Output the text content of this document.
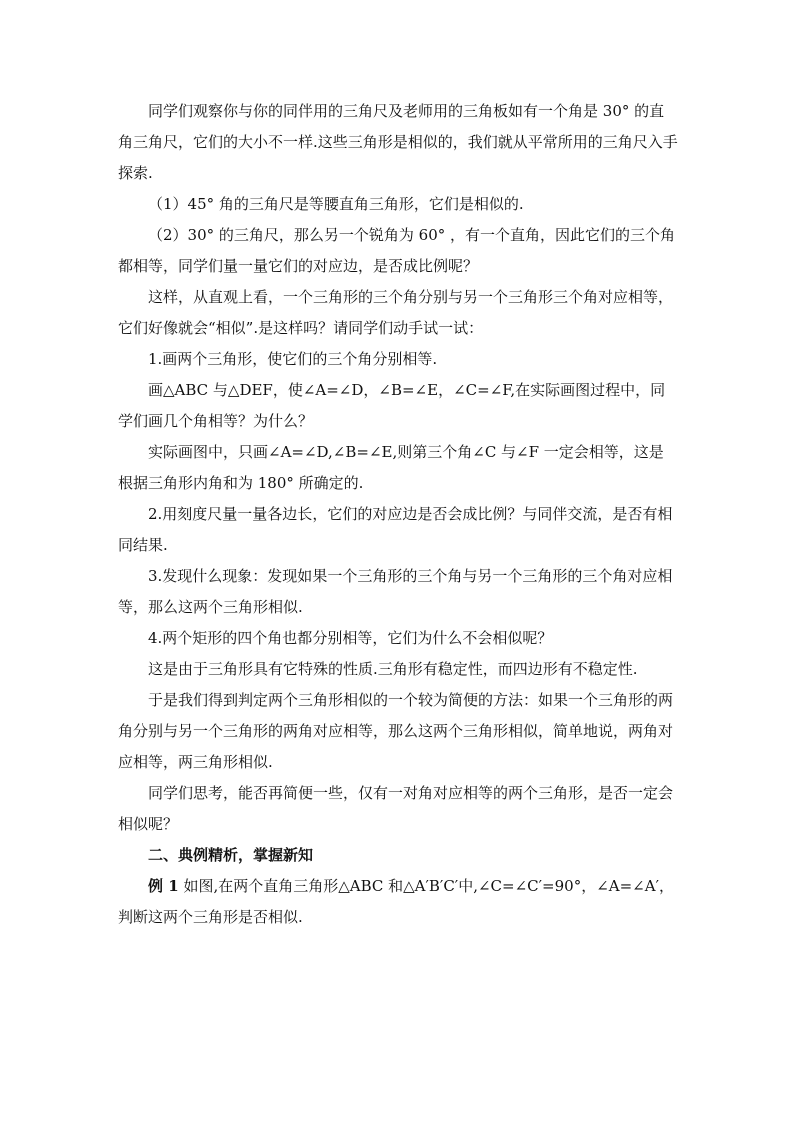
同学们观察你与你的同伴用的三角尺及老师用的三角板如有一个角是 30° 的直角三角尺，它们的大小不一样.这些三角形是相似的，我们就从平常所用的三角尺入手探索.

（1）45° 角的三角尺是等腰直角三角形，它们是相似的.

（2）30° 的三角尺，那么另一个锐角为 60° ，有一个直角，因此它们的三个角都相等，同学们量一量它们的对应边，是否成比例呢？

这样，从直观上看，一个三角形的三个角分别与另一个三角形三个角对应相等，它们好像就会“相似”.是这样吗？请同学们动手试一试：

1.画两个三角形，使它们的三个角分别相等.

画△ABC 与△DEF，使∠A=∠D，∠B=∠E，∠C=∠F,在实际画图过程中，同学们画几个角相等？为什么？

实际画图中，只画∠A=∠D,∠B=∠E,则第三个角∠C 与∠F 一定会相等，这是根据三角形内角和为 180° 所确定的.

2.用刻度尺量一量各边长，它们的对应边是否会成比例？与同伴交流，是否有相同结果.

3.发现什么现象：发现如果一个三角形的三个角与另一个三角形的三个角对应相等，那么这两个三角形相似.

4.两个矩形的四个角也都分别相等，它们为什么不会相似呢？

这是由于三角形具有它特殊的性质.三角形有稳定性，而四边形有不稳定性.

于是我们得到判定两个三角形相似的一个较为简便的方法：如果一个三角形的两角分别与另一个三角形的两角对应相等，那么这两个三角形相似，简单地说，两角对应相等，两三角形相似.

同学们思考，能否再简便一些，仅有一对角对应相等的两个三角形，是否一定会相似呢？

二、典例精析，掌握新知

例 1 如图,在两个直角三角形△ABC 和△A′B′C′中,∠C=∠C′=90°，∠A=∠A′，判断这两个三角形是否相似.
